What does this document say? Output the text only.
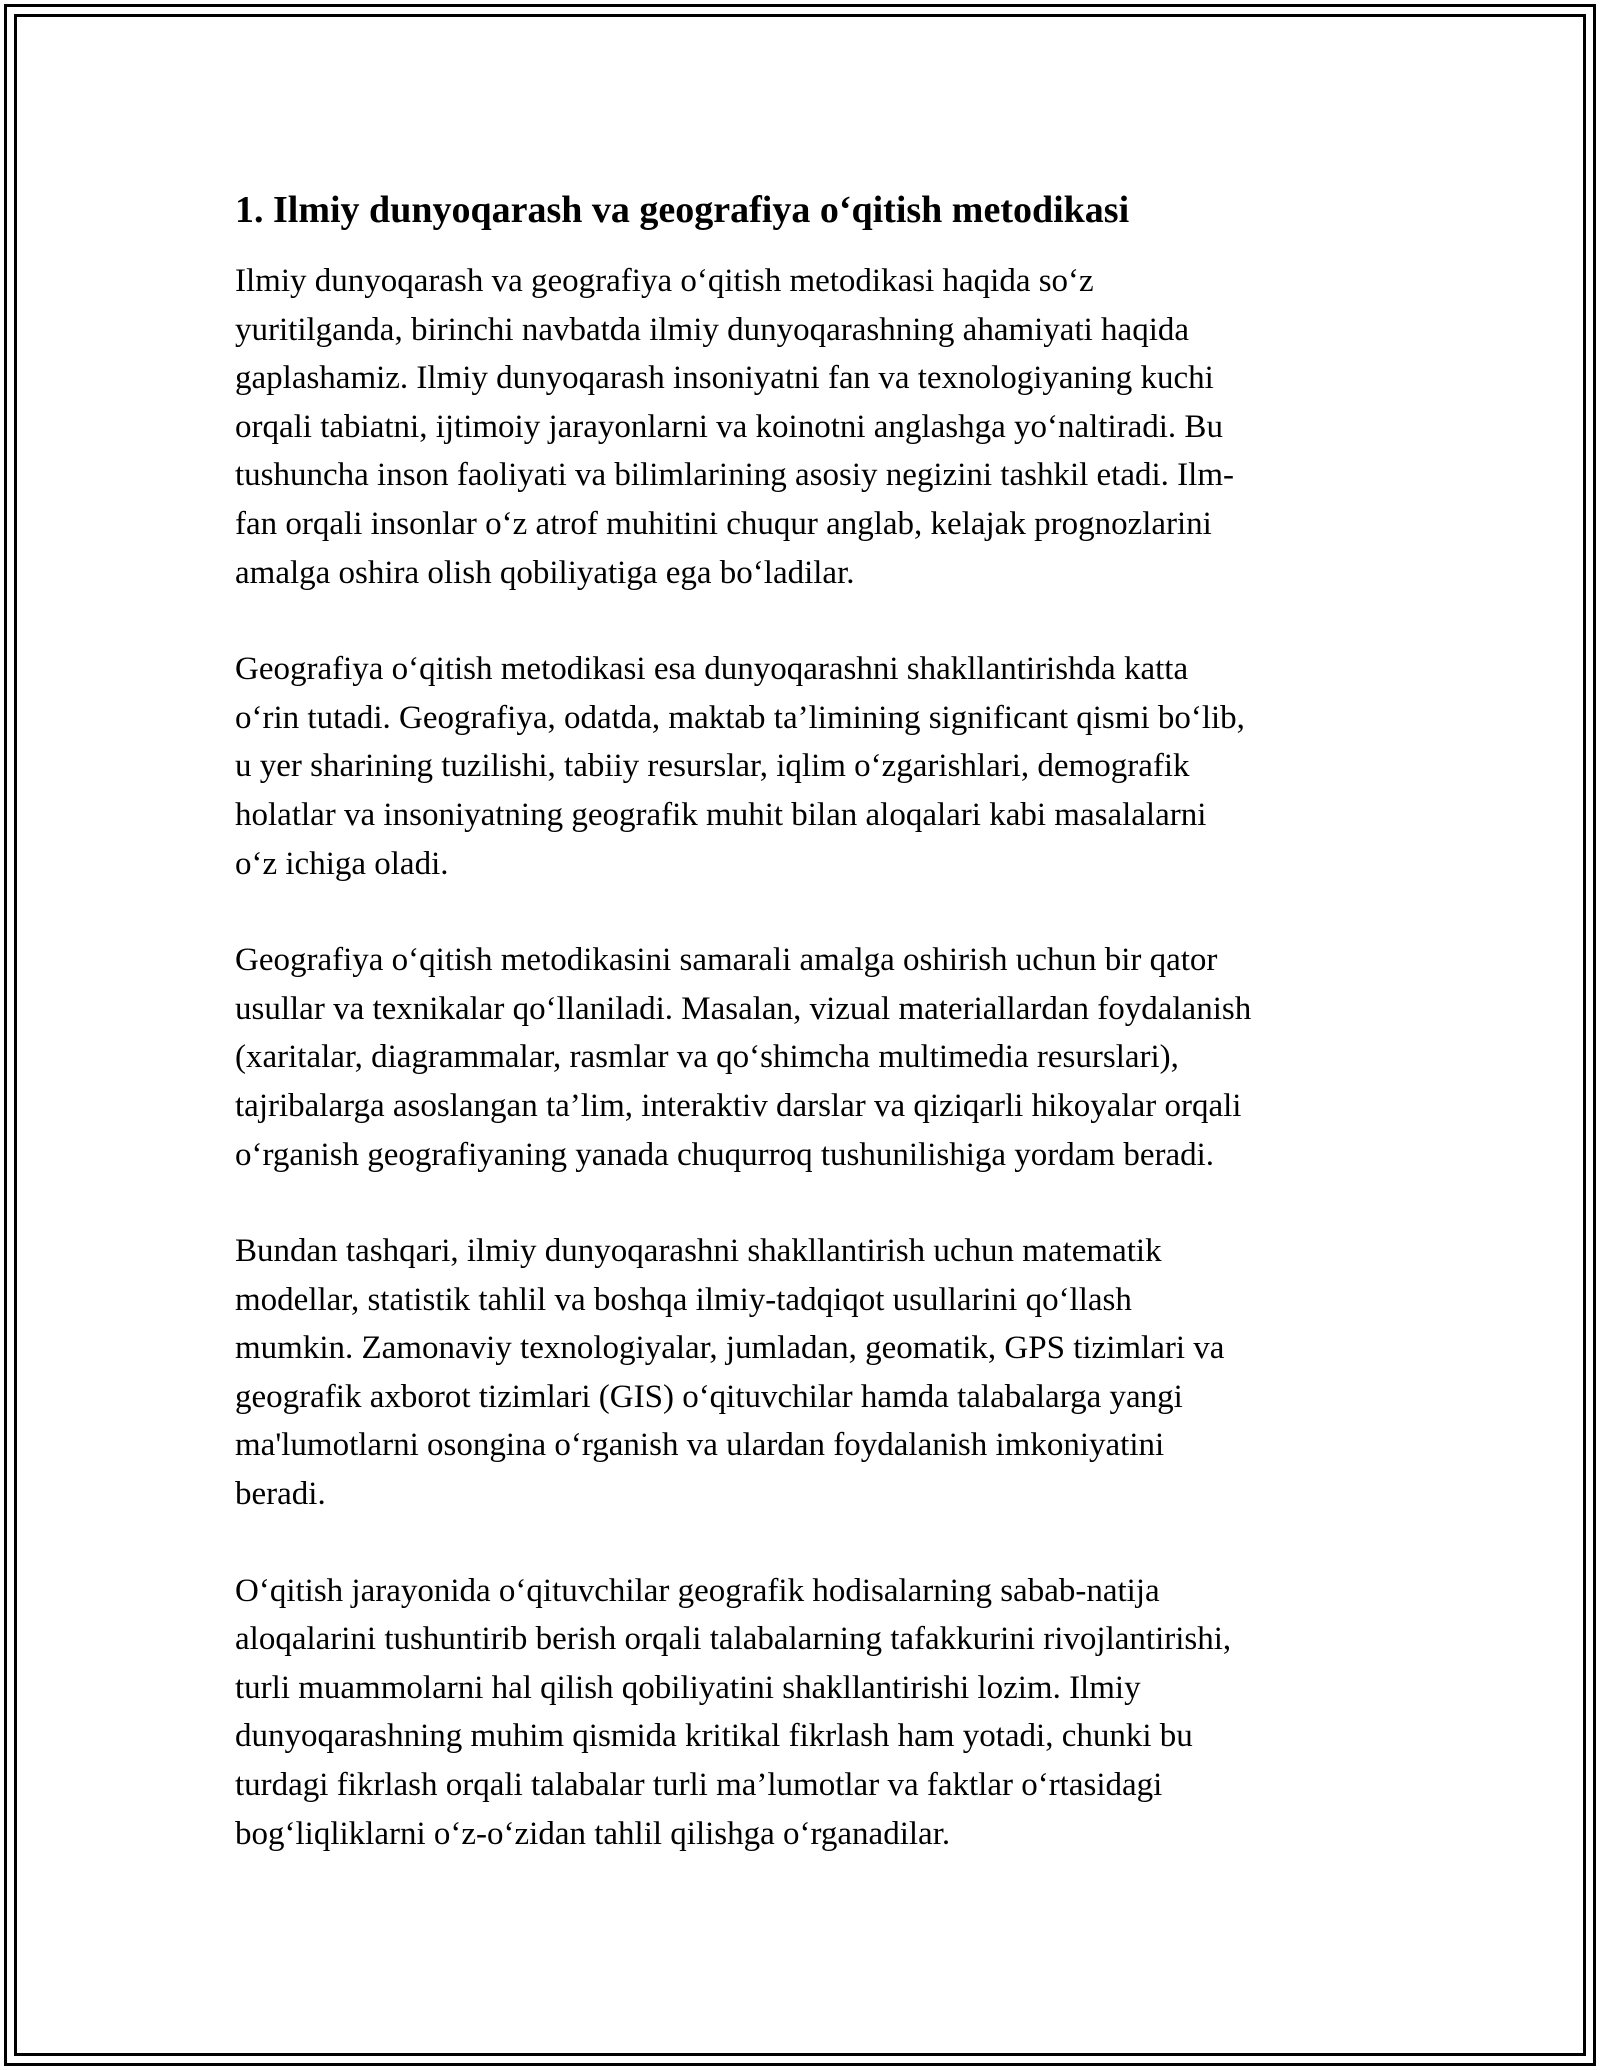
1. Ilmiy dunyoqarash va geografiya o‘qitish metodikasi

Ilmiy dunyoqarash va geografiya o‘qitish metodikasi haqida so‘z
yuritilganda, birinchi navbatda ilmiy dunyoqarashning ahamiyati haqida
gaplashamiz. Ilmiy dunyoqarash insoniyatni fan va texnologiyaning kuchi
orqali tabiatni, ijtimoiy jarayonlarni va koinotni anglashga yo‘naltiradi. Bu
tushuncha inson faoliyati va bilimlarining asosiy negizini tashkil etadi. Ilm-
fan orqali insonlar o‘z atrof muhitini chuqur anglab, kelajak prognozlarini
amalga oshira olish qobiliyatiga ega bo‘ladilar.

Geografiya o‘qitish metodikasi esa dunyoqarashni shakllantirishda katta
o‘rin tutadi. Geografiya, odatda, maktab ta’limining significant qismi bo‘lib,
u yer sharining tuzilishi, tabiiy resurslar, iqlim o‘zgarishlari, demografik
holatlar va insoniyatning geografik muhit bilan aloqalari kabi masalalarni
o‘z ichiga oladi.

Geografiya o‘qitish metodikasini samarali amalga oshirish uchun bir qator
usullar va texnikalar qo‘llaniladi. Masalan, vizual materiallardan foydalanish
(xaritalar, diagrammalar, rasmlar va qo‘shimcha multimedia resurslari),
tajribalarga asoslangan ta’lim, interaktiv darslar va qiziqarli hikoyalar orqali
o‘rganish geografiyaning yanada chuqurroq tushunilishiga yordam beradi.

Bundan tashqari, ilmiy dunyoqarashni shakllantirish uchun matematik
modellar, statistik tahlil va boshqa ilmiy-tadqiqot usullarini qo‘llash
mumkin. Zamonaviy texnologiyalar, jumladan, geomatik, GPS tizimlari va
geografik axborot tizimlari (GIS) o‘qituvchilar hamda talabalarga yangi
ma'lumotlarni osongina o‘rganish va ulardan foydalanish imkoniyatini
beradi.

O‘qitish jarayonida o‘qituvchilar geografik hodisalarning sabab-natija
aloqalarini tushuntirib berish orqali talabalarning tafakkurini rivojlantirishi,
turli muammolarni hal qilish qobiliyatini shakllantirishi lozim. Ilmiy
dunyoqarashning muhim qismida kritikal fikrlash ham yotadi, chunki bu
turdagi fikrlash orqali talabalar turli ma’lumotlar va faktlar o‘rtasidagi
bog‘liqliklarni o‘z-o‘zidan tahlil qilishga o‘rganadilar.
